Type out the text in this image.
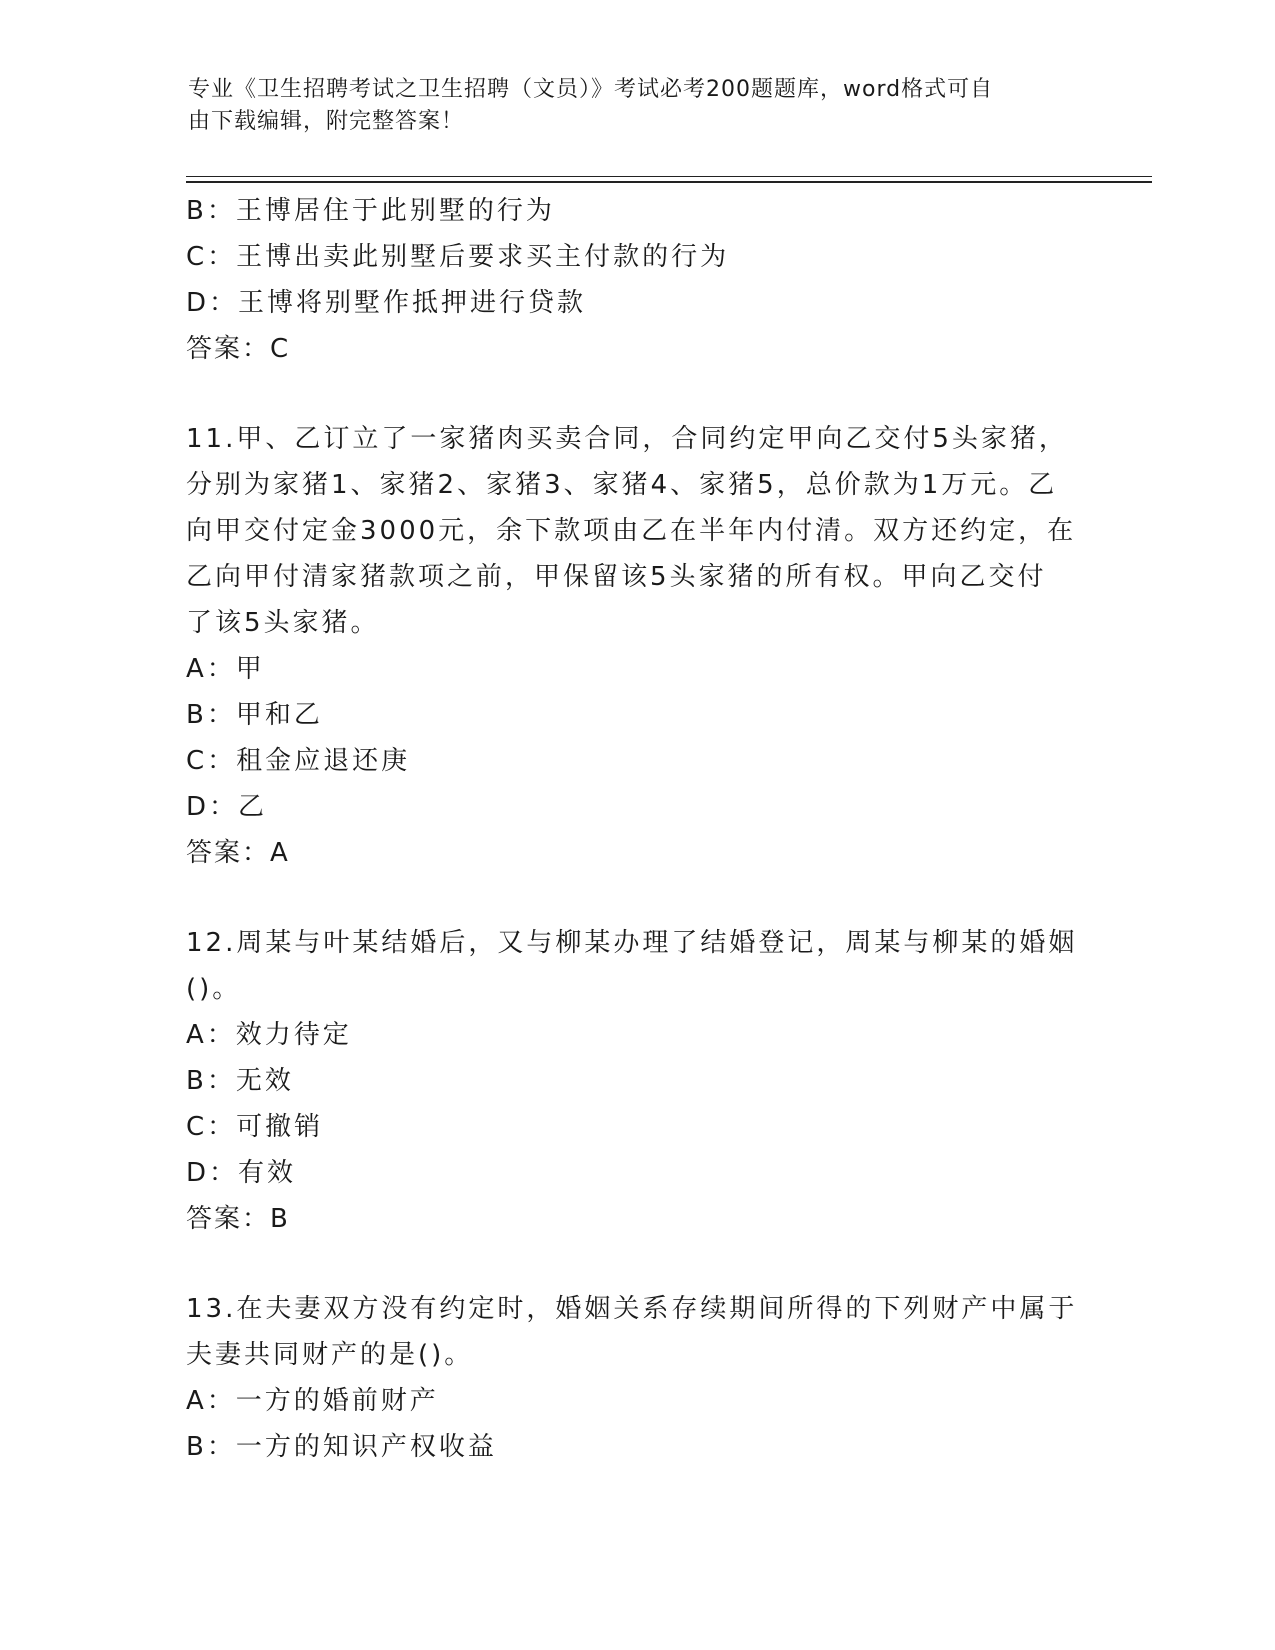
专业《卫生招聘考试之卫生招聘（文员）》考试必考200题题库，word格式可自
由下载编辑，附完整答案！
B：王博居住于此别墅的行为
C：王博出卖此别墅后要求买主付款的行为
D：王博将别墅作抵押进行贷款
答案：C
11.甲、乙订立了一家猪肉买卖合同，合同约定甲向乙交付5头家猪，
分别为家猪1、家猪2、家猪3、家猪4、家猪5，总价款为1万元。乙
向甲交付定金3000元，余下款项由乙在半年内付清。双方还约定，在
乙向甲付清家猪款项之前，甲保留该5头家猪的所有权。甲向乙交付
了该5头家猪。
A：甲
B：甲和乙
C：租金应退还庚
D：乙
答案：A
12.周某与叶某结婚后，又与柳某办理了结婚登记，周某与柳某的婚姻
()。
A：效力待定
B：无效
C：可撤销
D：有效
答案：B
13.在夫妻双方没有约定时，婚姻关系存续期间所得的下列财产中属于
夫妻共同财产的是()。
A：一方的婚前财产
B：一方的知识产权收益
